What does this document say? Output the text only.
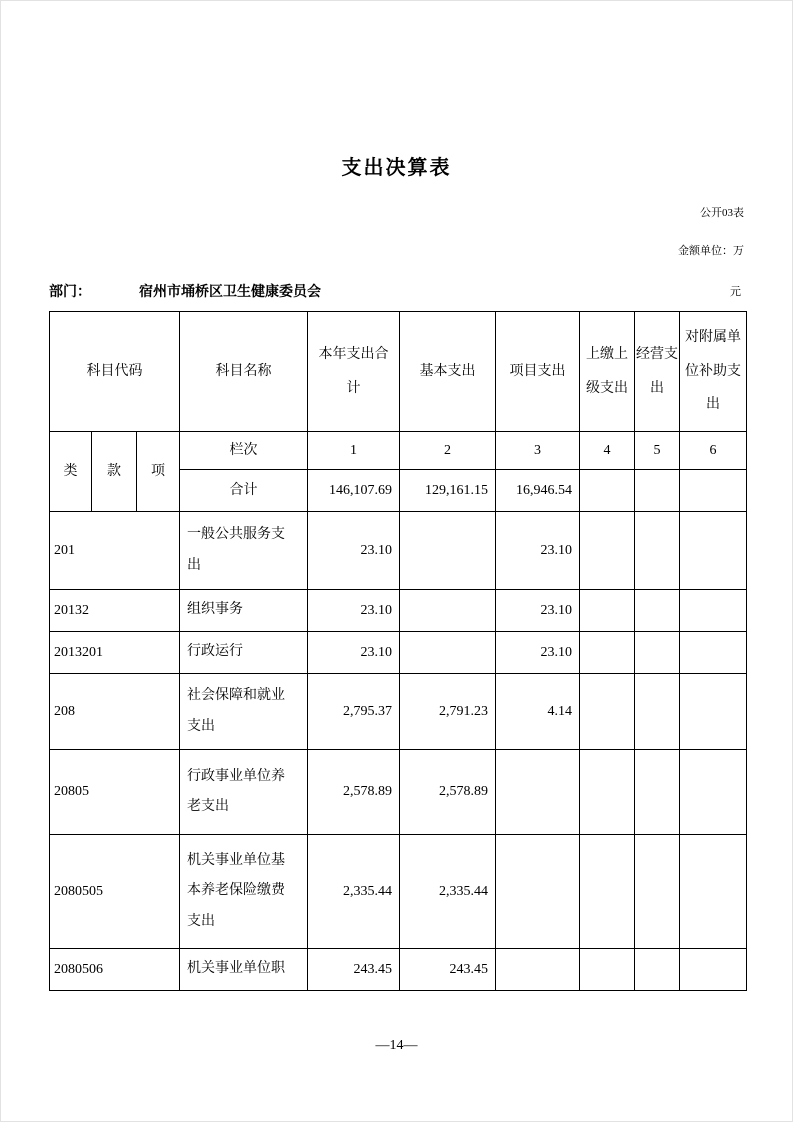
支出决算表
公开03表
金额单位：万
部门：	宿州市埇桥区卫生健康委员会	元
科目代码			科目名称	本年支出合计	基本支出	项目支出	上缴上级支出	经营支出	对附属单位补助支出
类	款	项	栏次	1	2	3	4	5	6
			合计	146,107.69	129,161.15	16,946.54			
201			一般公共服务支出	23.10		23.10			
20132			组织事务	23.10		23.10			
2013201			行政运行	23.10		23.10			
208			社会保障和就业支出	2,795.37	2,791.23	4.14			
20805			行政事业单位养老支出	2,578.89	2,578.89				
2080505			机关事业单位基本养老保险缴费支出	2,335.44	2,335.44				
2080506			机关事业单位职	243.45	243.45				
—14—
